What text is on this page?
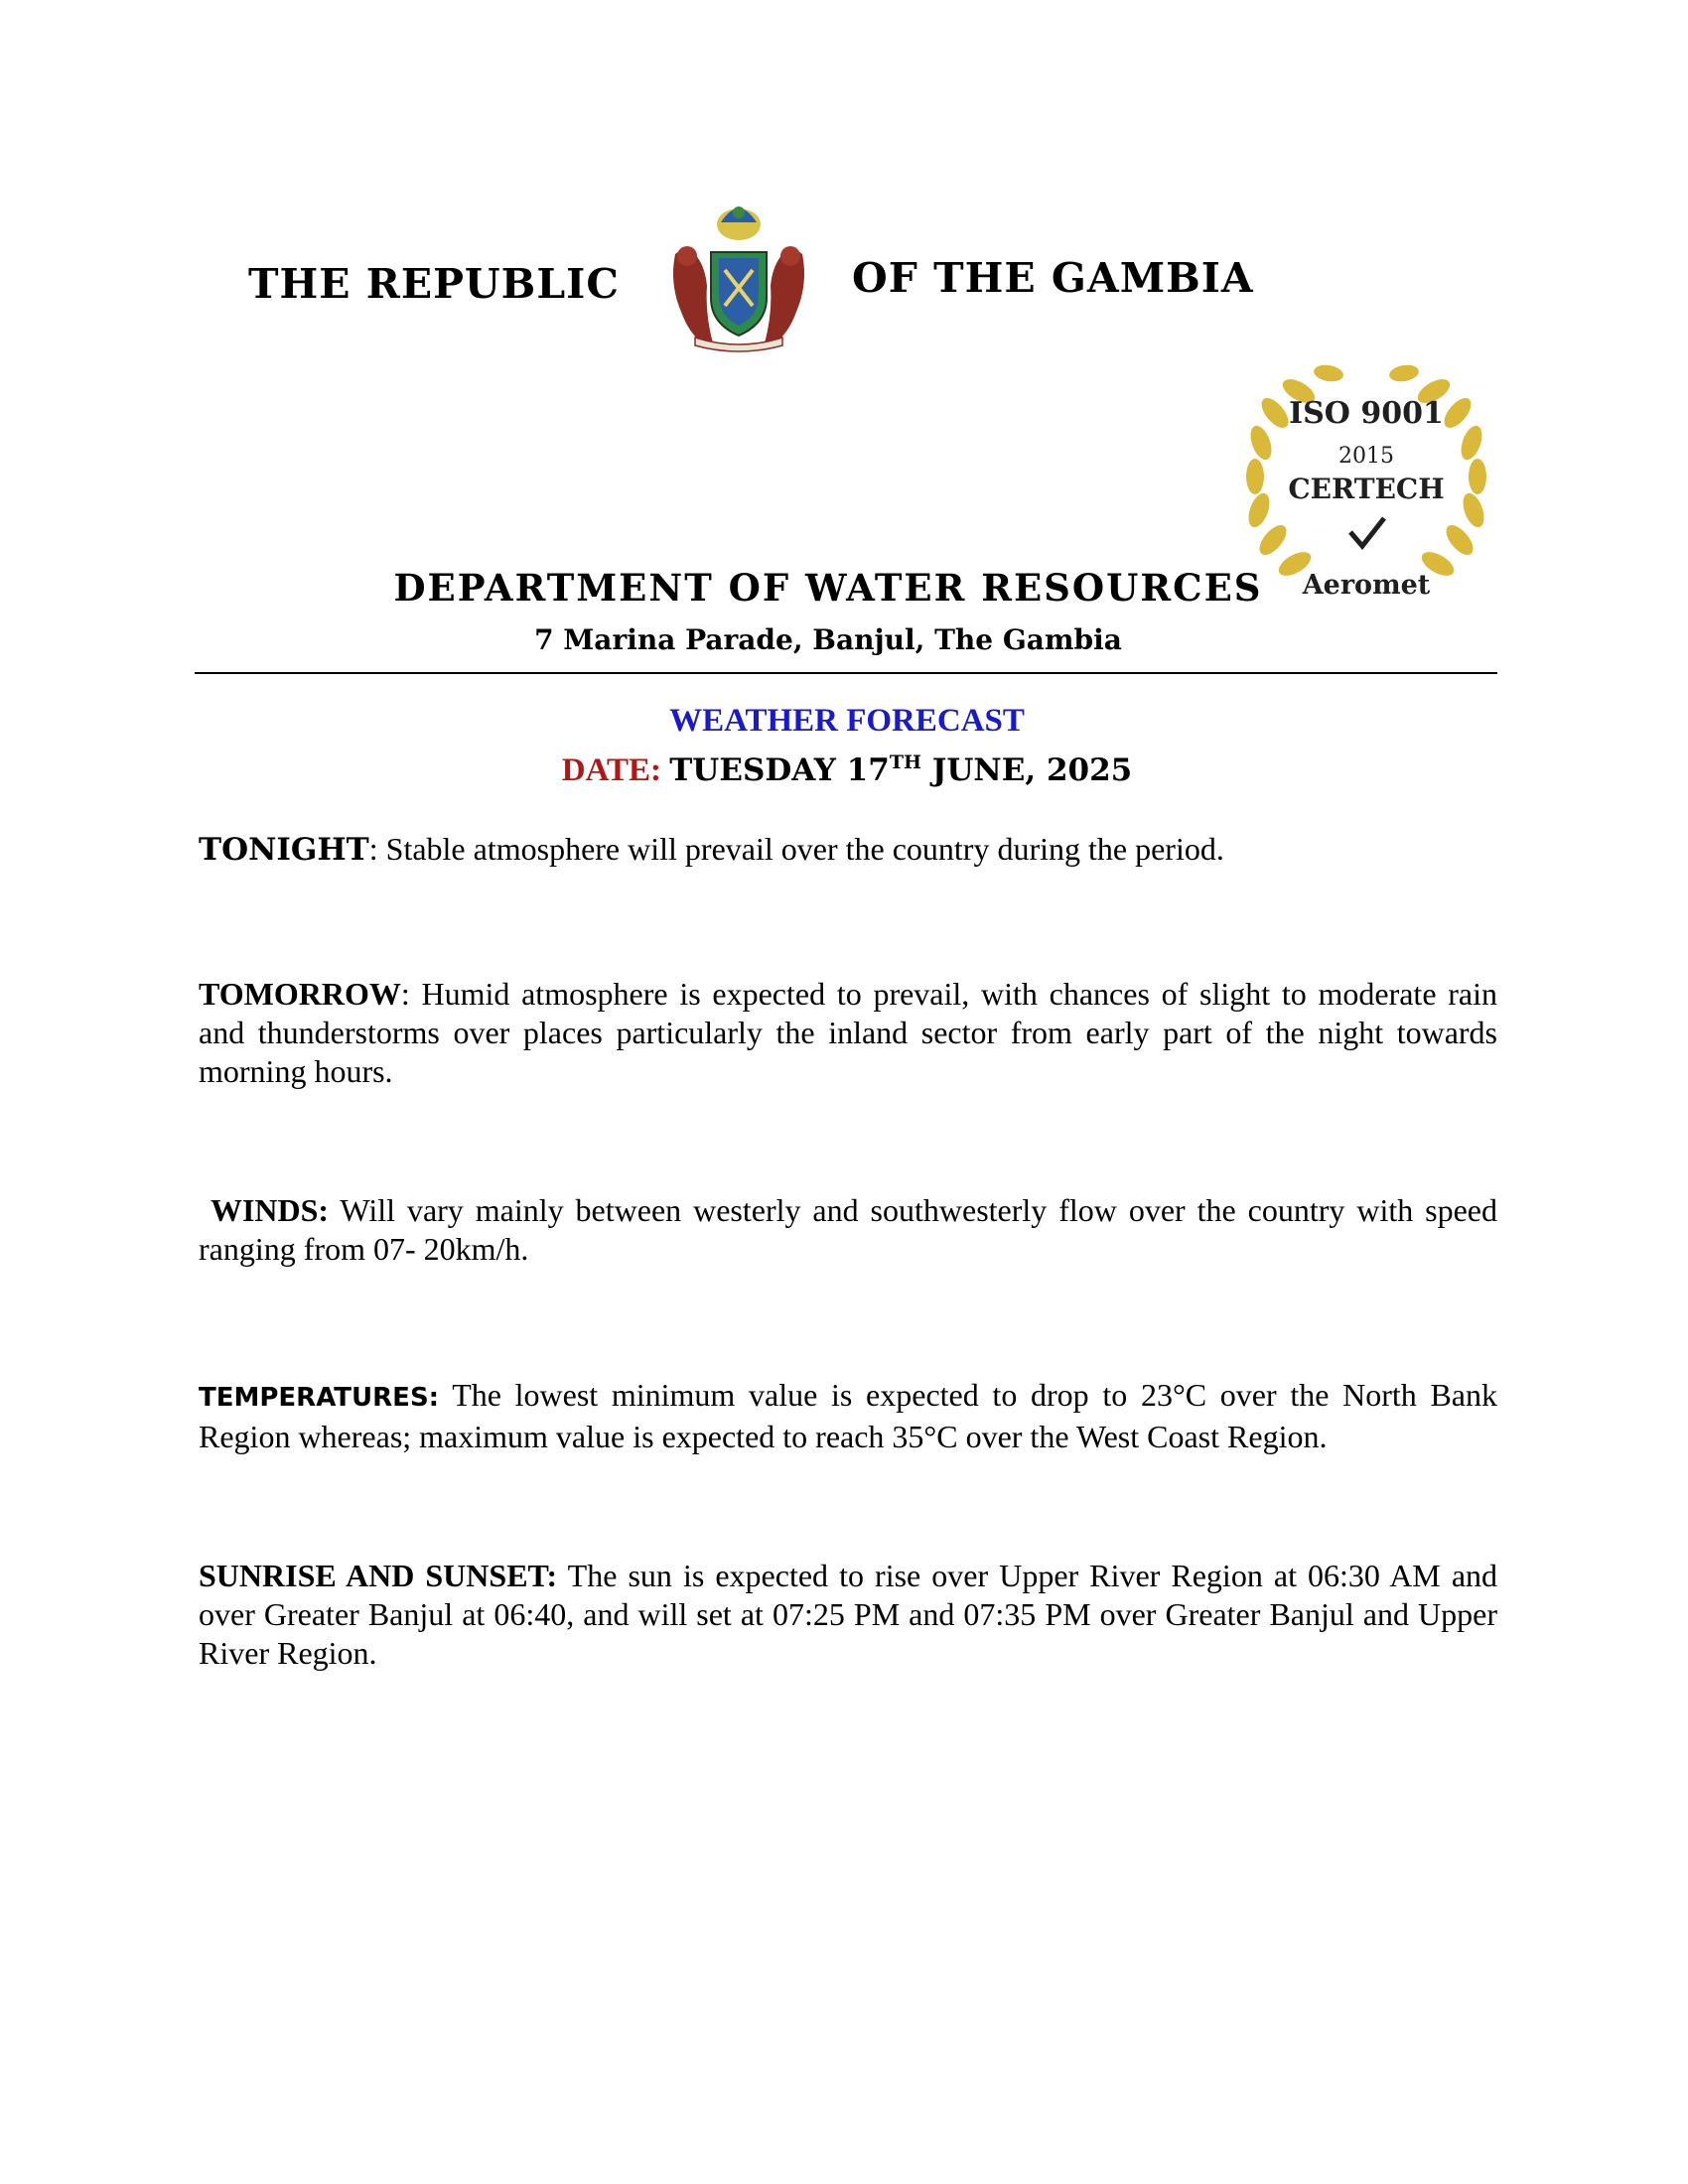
THE REPUBLIC	OF THE GAMBIA
ISO 9001
2015
CERTECH
Aeromet
DEPARTMENT OF WATER RESOURCES
7 Marina Parade, Banjul, The Gambia
WEATHER FORECAST
DATE: TUESDAY 17TH JUNE, 2025
TONIGHT: Stable atmosphere will prevail over the country during the period.
TOMORROW: Humid atmosphere is expected to prevail, with chances of slight to moderate rain and thunderstorms over places particularly the inland sector from early part of the night towards morning hours.
WINDS: Will vary mainly between westerly and southwesterly flow over the country with speed ranging from 07- 20km/h.
TEMPERATURES: The lowest minimum value is expected to drop to 23°C over the North Bank Region whereas; maximum value is expected to reach 35°C over the West Coast Region.
SUNRISE AND SUNSET: The sun is expected to rise over Upper River Region at 06:30 AM and over Greater Banjul at 06:40, and will set at 07:25 PM and 07:35 PM over Greater Banjul and Upper River Region.
